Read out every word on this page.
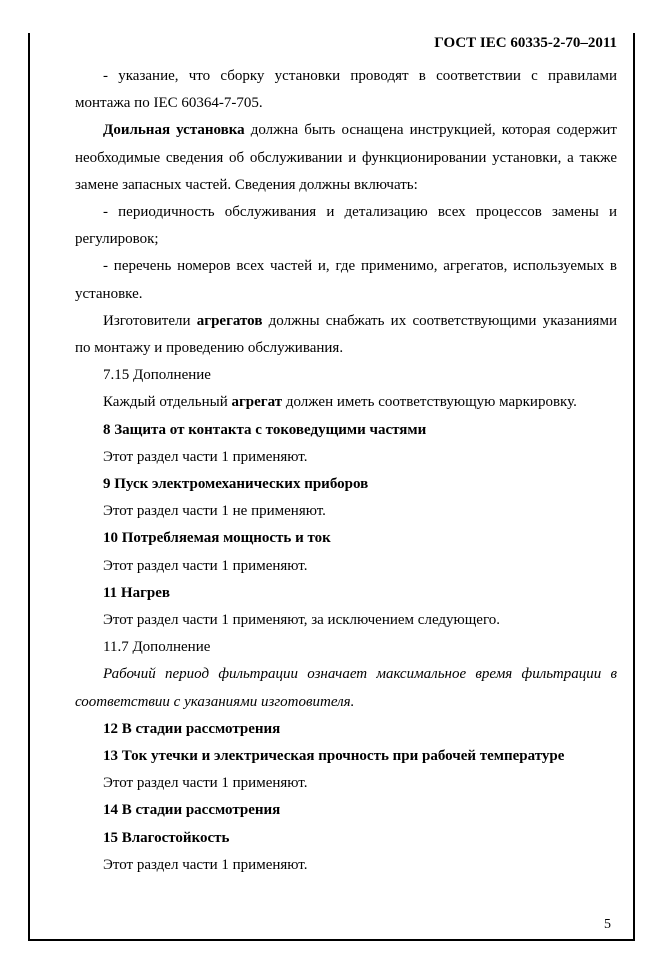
ГОСТ IEC 60335-2-70–2011

- указание, что сборку установки проводят в соответствии с правилами монтажа по IEC 60364-7-705.

Доильная установка должна быть оснащена инструкцией, которая содержит необходимые сведения об обслуживании и функционировании установки, а также замене запасных частей. Сведения должны включать:

- периодичность обслуживания и детализацию всех процессов замены и регулировок;

- перечень номеров всех частей и, где применимо, агрегатов, используемых в установке.

Изготовители агрегатов должны снабжать их соответствующими указаниями по монтажу и проведению обслуживания.

7.15 Дополнение

Каждый отдельный агрегат должен иметь соответствующую маркировку.

8 Защита от контакта с токоведущими частями

Этот раздел части 1 применяют.

9 Пуск электромеханических приборов

Этот раздел части 1 не применяют.

10 Потребляемая мощность и ток

Этот раздел части 1 применяют.

11 Нагрев

Этот раздел части 1 применяют, за исключением следующего.

11.7 Дополнение

Рабочий период фильтрации означает максимальное время фильтрации в соответствии с указаниями изготовителя.

12 В стадии рассмотрения

13 Ток утечки и электрическая прочность при рабочей температуре

Этот раздел части 1 применяют.

14 В стадии рассмотрения

15 Влагостойкость

Этот раздел части 1 применяют.

5
